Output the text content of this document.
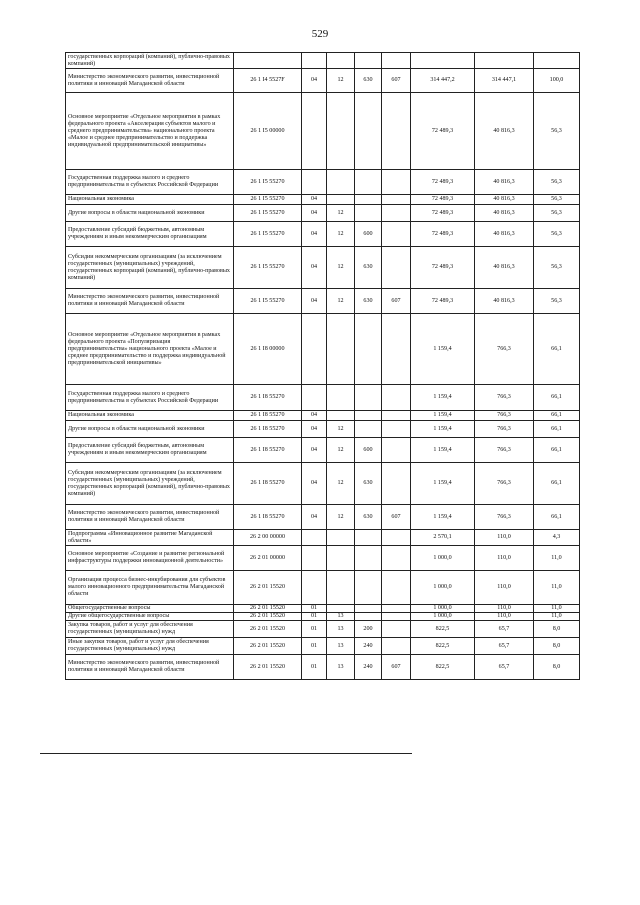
529
государственных корпораций (компаний), публично-правовых компаний)								
Министерство экономического развития, инвестиционной политики и инноваций Магаданской области	26 1 I4 5527F	04	12	630	607	314 447,2	314 447,1	100,0
Основное мероприятие «Отдельное мероприятия в рамках федерального проекта «Акселерация субъектов малого и среднего предпринимательства» национального проекта «Малое и среднее предпринимательство и поддержка индивидуальной предпринимательской инициативы»	26 1 I5 00000					72 489,3	40 816,3	56,3
Государственная поддержка малого и среднего предпринимательства в субъектах Российской Федерации	26 1 I5 55270					72 489,3	40 816,3	56,3
Национальная экономика	26 1 I5 55270	04				72 489,3	40 816,3	56,3
Другие вопросы в области национальной экономики	26 1 I5 55270	04	12			72 489,3	40 816,3	56,3
Предоставление субсидий бюджетным, автономным учреждениям и иным некоммерческим организациям	26 1 I5 55270	04	12	600		72 489,3	40 816,3	56,3
Субсидии некоммерческим организациям (за исключением государственных (муниципальных) учреждений, государственных корпораций (компаний), публично-правовых компаний)	26 1 I5 55270	04	12	630		72 489,3	40 816,3	56,3
Министерство экономического развития, инвестиционной политики и инноваций Магаданской области	26 1 I5 55270	04	12	630	607	72 489,3	40 816,3	56,3
Основное мероприятие «Отдельное мероприятия в рамках федерального проекта «Популяризация предпринимательства» национального проекта «Малое и среднее предпринимательство и поддержка индивидуальной предпринимательской инициативы»	26 1 I8 00000					1 159,4	766,3	66,1
Государственная поддержка малого и среднего предпринимательства в субъектах Российской Федерации	26 1 I8 55270					1 159,4	766,3	66,1
Национальная экономика	26 1 I8 55270	04				1 159,4	766,3	66,1
Другие вопросы в области национальной экономики	26 1 I8 55270	04	12			1 159,4	766,3	66,1
Предоставление субсидий бюджетным, автономным учреждениям и иным некоммерческим организациям	26 1 I8 55270	04	12	600		1 159,4	766,3	66,1
Субсидии некоммерческим организациям (за исключением государственных (муниципальных) учреждений, государственных корпораций (компаний), публично-правовых компаний)	26 1 I8 55270	04	12	630		1 159,4	766,3	66,1
Министерство экономического развития, инвестиционной политики и инноваций Магаданской области	26 1 I8 55270	04	12	630	607	1 159,4	766,3	66,1
Подпрограмма «Инновационное развитие Магаданской области»	26 2 00 00000					2 570,1	110,0	4,3
Основное мероприятие «Создание и развитие региональной инфраструктуры поддержки инновационной деятельности»	26 2 01 00000					1 000,0	110,0	11,0
Организация процесса бизнес-инкубирования для субъектов малого инновационного предпринимательства Магаданской области	26 2 01 15520					1 000,0	110,0	11,0
Общегосударственные вопросы	26 2 01 15520	01				1 000,0	110,0	11,0
Другие общегосударственные вопросы	26 2 01 15520	01	13			1 000,0	110,0	11,0
Закупка товаров, работ и услуг для обеспечения государственных (муниципальных) нужд	26 2 01 15520	01	13	200		822,5	65,7	8,0
Иные закупки товаров, работ и услуг для обеспечения государственных (муниципальных) нужд	26 2 01 15520	01	13	240		822,5	65,7	8,0
Министерство экономического развития, инвестиционной политики и инноваций Магаданской области	26 2 01 15520	01	13	240	607	822,5	65,7	8,0
